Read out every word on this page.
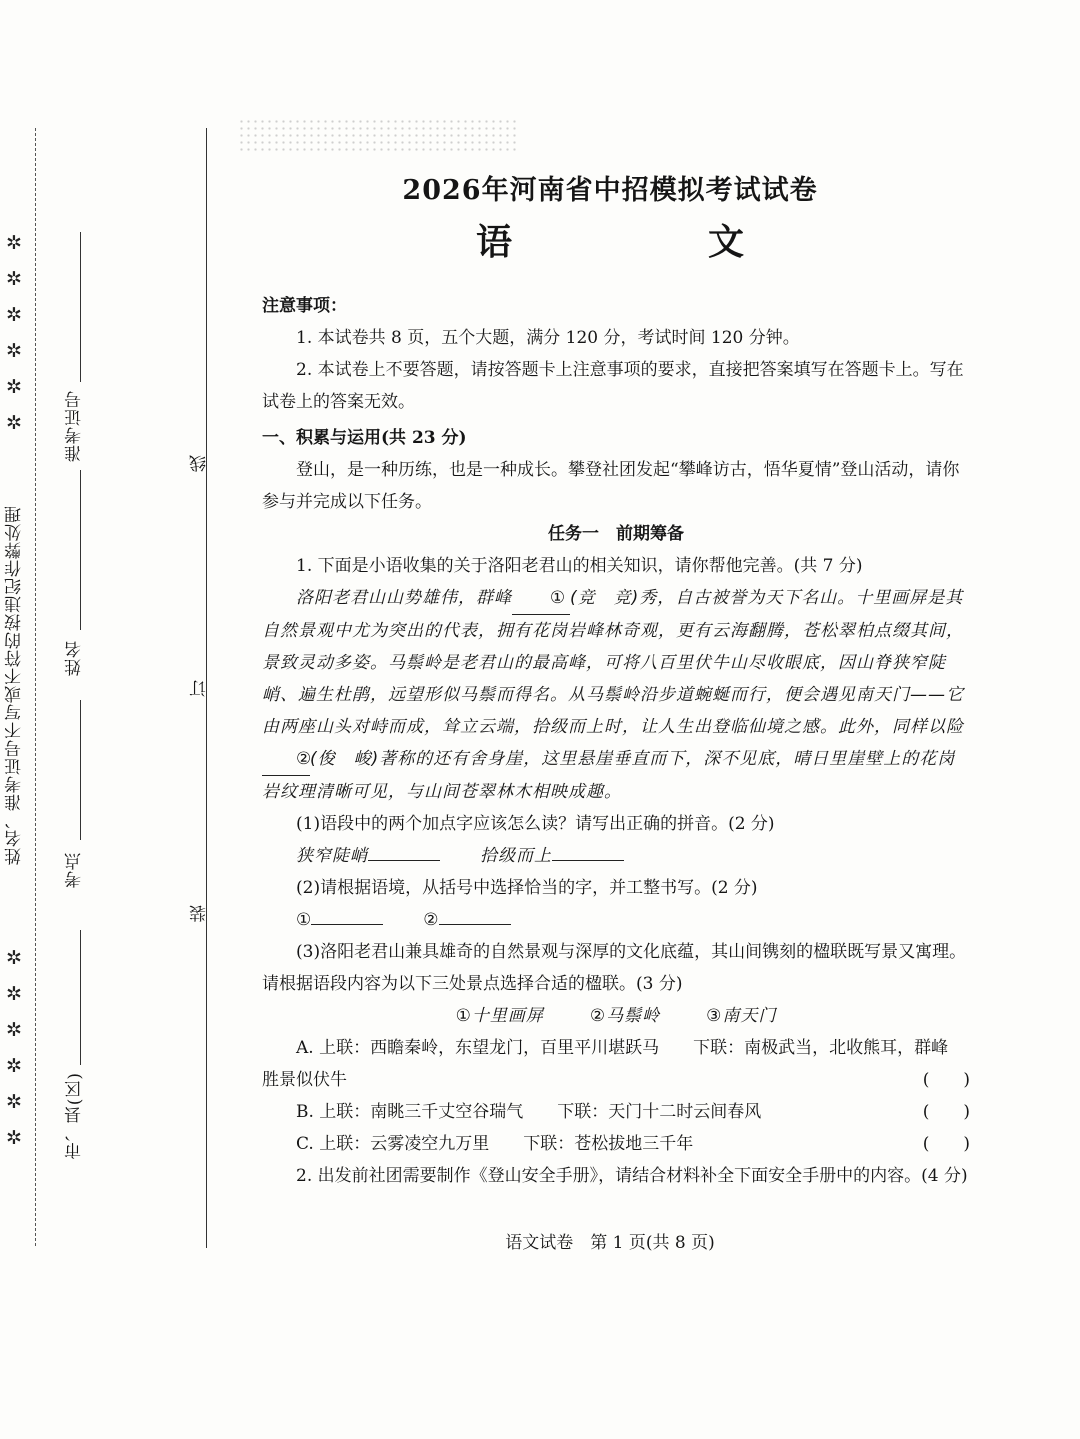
✲
✲
✲
✲
✲
✲
✲
✲
✲
✲
✲
✲
姓名、准考证号不写或不符的按违纪作弊处理
市、县(区)
考点
姓名
准考证号
线
订
装
2026年河南省中招模拟考试试卷
语　文

注意事项：

1. 本试卷共 8 页，五个大题，满分 120 分，考试时间 120 分钟。

2. 本试卷上不要答题，请按答题卡上注意事项的要求，直接把答案填写在答题卡上。写在试卷上的答案无效。

一、积累与运用(共 23 分)

登山，是一种历练，也是一种成长。攀登社团发起“攀峰访古，悟华夏情”登山活动，请你参与并完成以下任务。

任务一　前期筹备

1. 下面是小语收集的关于洛阳老君山的相关知识，请你帮他完善。(共 7 分)

洛阳老君山山势雄伟，群峰 ① (竞　竞)秀，自古被誉为天下名山。十里画屏是其自然景观中尤为突出的代表，拥有花岗岩峰林奇观，更有云海翻腾，苍松翠柏点缀其间，景致灵动多姿。马鬃岭是老君山的最高峰，可将八百里伏牛山尽收眼底，因山脊狭窄陡峭、遍生杜鹃，远望形似马鬃而得名。从马鬃岭沿步道蜿蜒而行，便会遇见南天门——它由两座山头对峙而成，耸立云端，拾级而上时，让人生出登临仙境之感。此外，同样以险②(俊　峻)著称的还有舍身崖，这里悬崖垂直而下，深不见底，晴日里崖壁上的花岗岩纹理清晰可见，与山间苍翠林木相映成趣。

(1)语段中的两个加点字应该怎么读？请写出正确的拼音。(2 分)

狭窄陡峭	拾级而上

(2)请根据语境，从括号中选择恰当的字，并工整书写。(2 分)

①	②

(3)洛阳老君山兼具雄奇的自然景观与深厚的文化底蕴，其山间镌刻的楹联既写景又寓理。请根据语段内容为以下三处景点选择合适的楹联。(3 分)

①十里画屏	②马鬃岭	③南天门

A. 上联：西瞻秦岭，东望龙门，百里平川堪跃马　　下联：南极武当，北收熊耳，群峰

胜景似伏牛	(　　)

B. 上联：南眺三千丈空谷瑞气　　下联：天门十二时云间春风	(　　)

C. 上联：云雾凌空九万里　　下联：苍松拔地三千年	(　　)

2. 出发前社团需要制作《登山安全手册》，请结合材料补全下面安全手册中的内容。(4 分)

语文试卷　第 1 页(共 8 页)
